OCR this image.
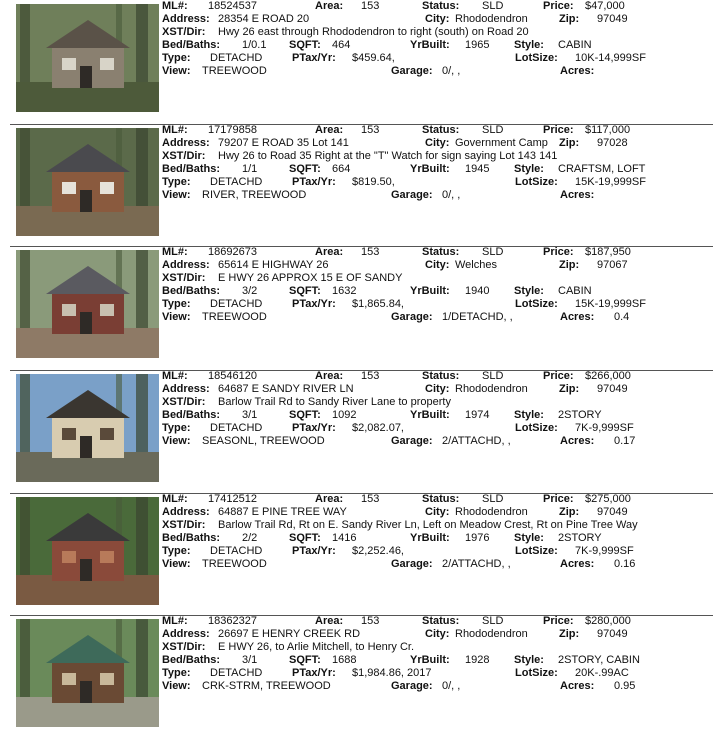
ML#: 18524537	Area: 153	Status: SLD	Price: $47,000
Address: 28354 E ROAD 20	City: Rhododendron	Zip: 97049
XST/Dir: Hwy 26 east through Rhododendron to right (south) on Road 20
Bed/Baths: 1/0.1 SQFT: 464	YrBuilt: 1965 Style: CABIN
Type: DETACHD	PTax/Yr: $459.64,	LotSize: 10K-14,999SF
View: TREEWOOD	Garage: 0/, ,	Acres:
ML#: 17179858	Area: 153	Status: SLD	Price: $117,000
Address: 79207 E ROAD 35 Lot 141	City: Government Camp Zip: 97028
XST/Dir: Hwy 26 to Road 35 Right at the "T" Watch for sign saying Lot 143 141
Bed/Baths: 1/1	SQFT: 664	YrBuilt: 1945 Style: CRAFTSM, LOFT
Type: DETACHD	PTax/Yr: $819.50,	LotSize: 15K-19,999SF
View: RIVER, TREEWOOD	Garage: 0/, ,	Acres:
ML#: 18692673	Area: 153	Status: SLD	Price: $187,950
Address: 65614 E HIGHWAY 26	City: Welches	Zip: 97067
XST/Dir: E HWY 26 APPROX 15 E OF SANDY
Bed/Baths: 3/2	SQFT: 1632	YrBuilt: 1940 Style: CABIN
Type: DETACHD	PTax/Yr: $1,865.84,	LotSize: 15K-19,999SF
View: TREEWOOD	Garage: 1/DETACHD, ,	Acres: 0.4
ML#: 18546120	Area: 153	Status: SLD	Price: $266,000
Address: 64687 E SANDY RIVER LN	City: Rhododendron	Zip: 97049
XST/Dir: Barlow Trail Rd to Sandy River Lane to property
Bed/Baths: 3/1	SQFT: 1092	YrBuilt: 1974 Style: 2STORY
Type: DETACHD	PTax/Yr: $2,082.07,	LotSize: 7K-9,999SF
View: SEASONL, TREEWOOD	Garage: 2/ATTACHD, ,	Acres: 0.17
ML#: 17412512	Area: 153	Status: SLD	Price: $275,000
Address: 64887 E PINE TREE WAY	City: Rhododendron	Zip: 97049
XST/Dir: Barlow Trail Rd, Rt on E. Sandy River Ln, Left on Meadow Crest, Rt on Pine Tree Way
Bed/Baths: 2/2	SQFT: 1416	YrBuilt: 1976 Style: 2STORY
Type: DETACHD	PTax/Yr: $2,252.46,	LotSize: 7K-9,999SF
View: TREEWOOD	Garage: 2/ATTACHD, ,	Acres: 0.16
ML#: 18362327	Area: 153	Status: SLD	Price: $280,000
Address: 26697 E HENRY CREEK RD	City: Rhododendron	Zip: 97049
XST/Dir: E HWY 26, to Arlie Mitchell, to Henry Cr.
Bed/Baths: 3/1	SQFT: 1688	YrBuilt: 1928 Style: 2STORY, CABIN
Type: DETACHD	PTax/Yr: $1,984.86, 2017	LotSize: 20K-.99AC
View: CRK-STRM, TREEWOOD	Garage: 0/, ,	Acres: 0.95
